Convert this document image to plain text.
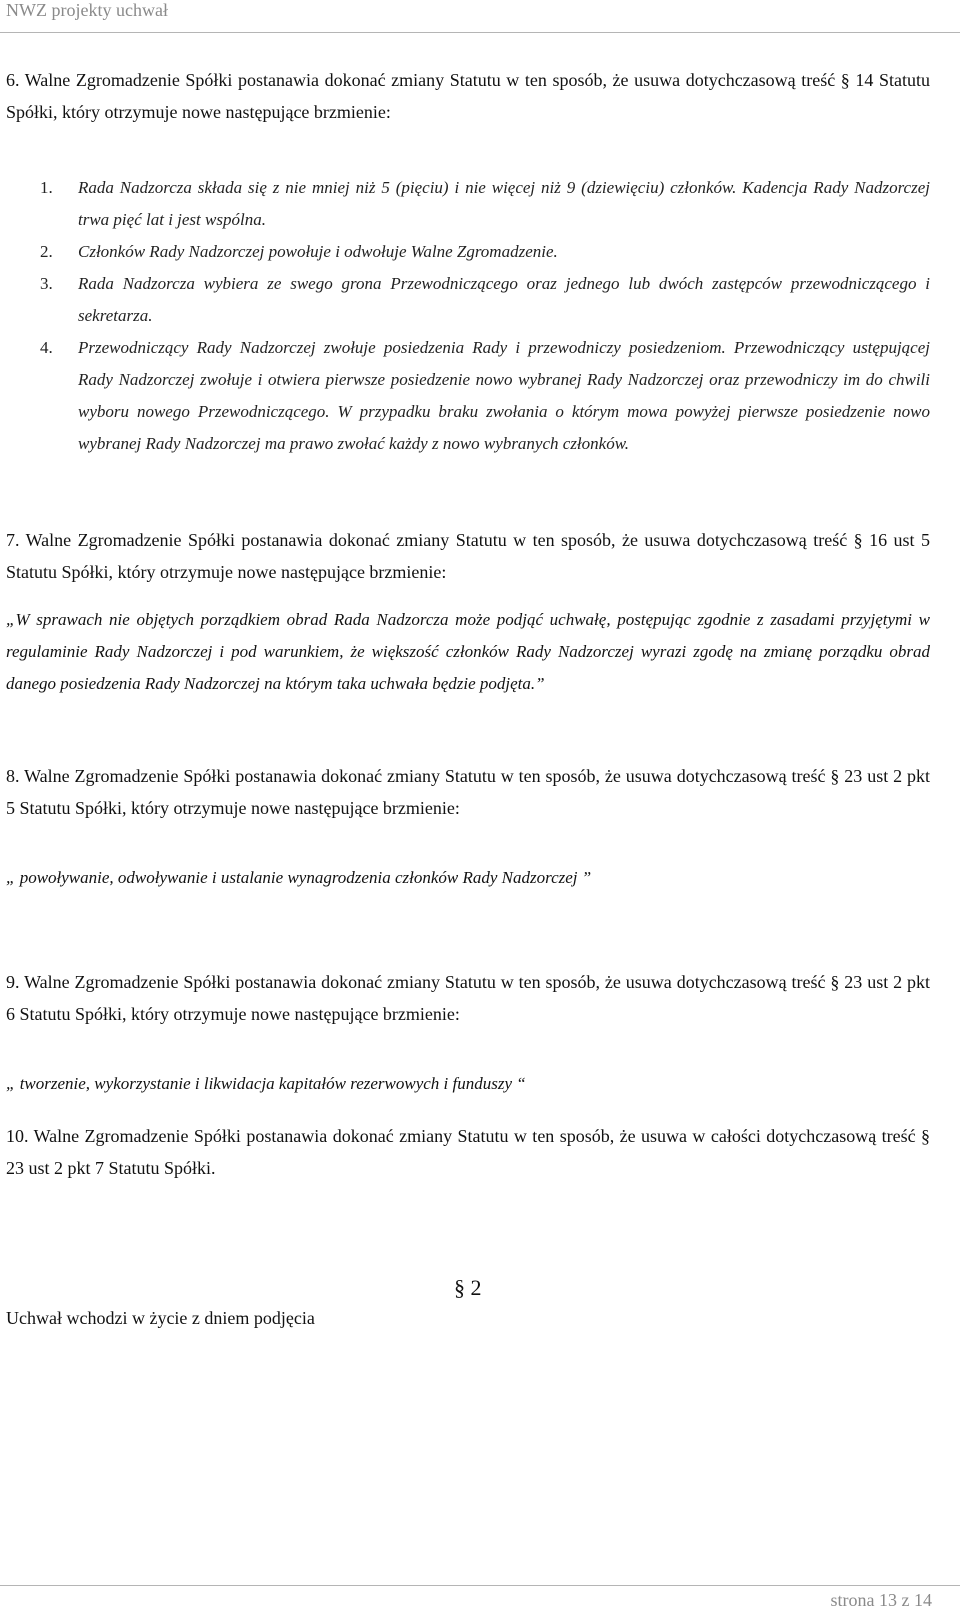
NWZ projekty uchwał
6. Walne Zgromadzenie Spółki postanawia dokonać zmiany Statutu w ten sposób, że usuwa dotychczasową treść § 14 Statutu Spółki, który otrzymuje nowe następujące brzmienie:
1. Rada Nadzorcza składa się z nie mniej niż 5 (pięciu) i nie więcej niż 9 (dziewięciu) członków. Kadencja Rady Nadzorczej trwa pięć lat i jest wspólna.
2. Członków Rady Nadzorczej powołuje i odwołuje Walne Zgromadzenie.
3. Rada Nadzorcza wybiera ze swego grona Przewodniczącego oraz jednego lub dwóch zastępców przewodniczącego i sekretarza.
4. Przewodniczący Rady Nadzorczej zwołuje posiedzenia Rady i przewodniczy posiedzeniom. Przewodniczący ustępującej Rady Nadzorczej zwołuje i otwiera pierwsze posiedzenie nowo wybranej Rady Nadzorczej oraz przewodniczy im do chwili wyboru nowego Przewodniczącego. W przypadku braku zwołania o którym mowa powyżej pierwsze posiedzenie nowo wybranej Rady Nadzorczej ma prawo zwołać każdy z nowo wybranych członków.
7. Walne Zgromadzenie Spółki postanawia dokonać zmiany Statutu w ten sposób, że usuwa dotychczasową treść § 16 ust 5 Statutu Spółki, który otrzymuje nowe następujące brzmienie:
„W sprawach nie objętych porządkiem obrad Rada Nadzorcza może podjąć uchwałę, postępując zgodnie z zasadami przyjętymi w regulaminie Rady Nadzorczej i pod warunkiem, że większość członków Rady Nadzorczej wyrazi zgodę na zmianę porządku obrad danego posiedzenia Rady Nadzorczej na którym taka uchwała będzie podjęta.”
8. Walne Zgromadzenie Spółki postanawia dokonać zmiany Statutu w ten sposób, że usuwa dotychczasową treść § 23 ust 2 pkt 5 Statutu Spółki, który otrzymuje nowe następujące brzmienie:
„ powoływanie, odwoływanie i ustalanie wynagrodzenia członków Rady Nadzorczej ”
9. Walne Zgromadzenie Spółki postanawia dokonać zmiany Statutu w ten sposób, że usuwa dotychczasową treść § 23 ust 2 pkt 6 Statutu Spółki, który otrzymuje nowe następujące brzmienie:
„ tworzenie, wykorzystanie i likwidacja kapitałów rezerwowych i funduszy “
10. Walne Zgromadzenie Spółki postanawia dokonać zmiany Statutu w ten sposób, że usuwa w całości dotychczasową treść § 23 ust 2 pkt 7 Statutu Spółki.
§ 2
Uchwał wchodzi w życie z dniem podjęcia
strona 13 z 14
